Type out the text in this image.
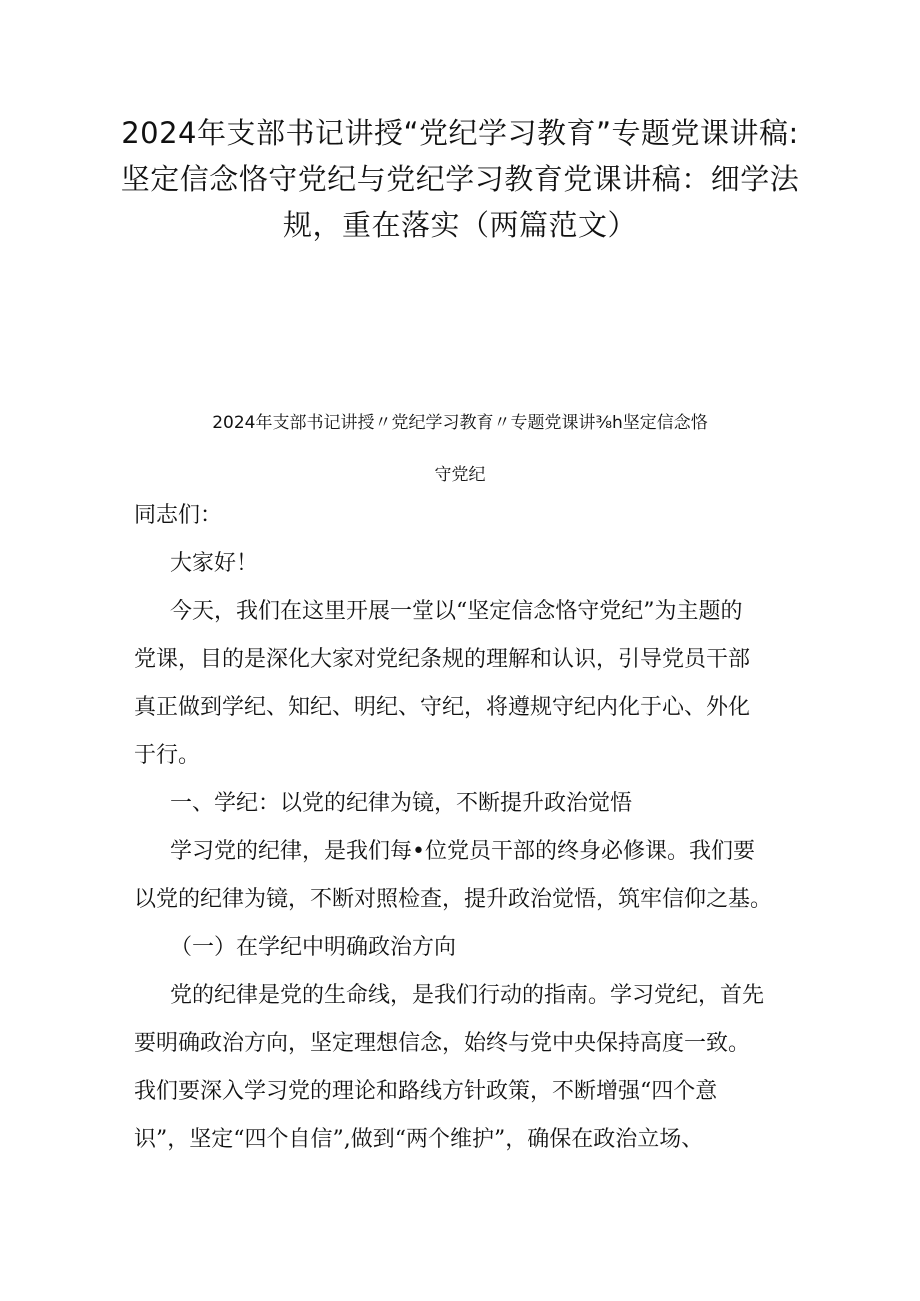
2024年支部书记讲授“党纪学习教育”专题党课讲稿:
坚定信念恪守党纪与党纪学习教育党课讲稿：细学法
规，重在落实（两篇范文）
2024年支部书记讲授〃党纪学习教育〃专题党课讲⅜h坚定信念恪
守党纪
同志们：
大家好！
今天，我们在这里开展一堂以“坚定信念恪守党纪”为主题的
党课，目的是深化大家对党纪条规的理解和认识，引导党员干部
真正做到学纪、知纪、明纪、守纪，将遵规守纪内化于心、外化
于行。
一、学纪：以党的纪律为镜，不断提升政治觉悟
学习党的纪律，是我们每•位党员干部的终身必修课。我们要
以党的纪律为镜，不断对照检查，提升政治觉悟，筑牢信仰之基。
（一）在学纪中明确政治方向
党的纪律是党的生命线，是我们行动的指南。学习党纪，首先
要明确政治方向，坚定理想信念，始终与党中央保持高度一致。
我们要深入学习党的理论和路线方针政策，不断增强“四个意
识”，坚定“四个自信”,做到“两个维护”，确保在政治立场、
